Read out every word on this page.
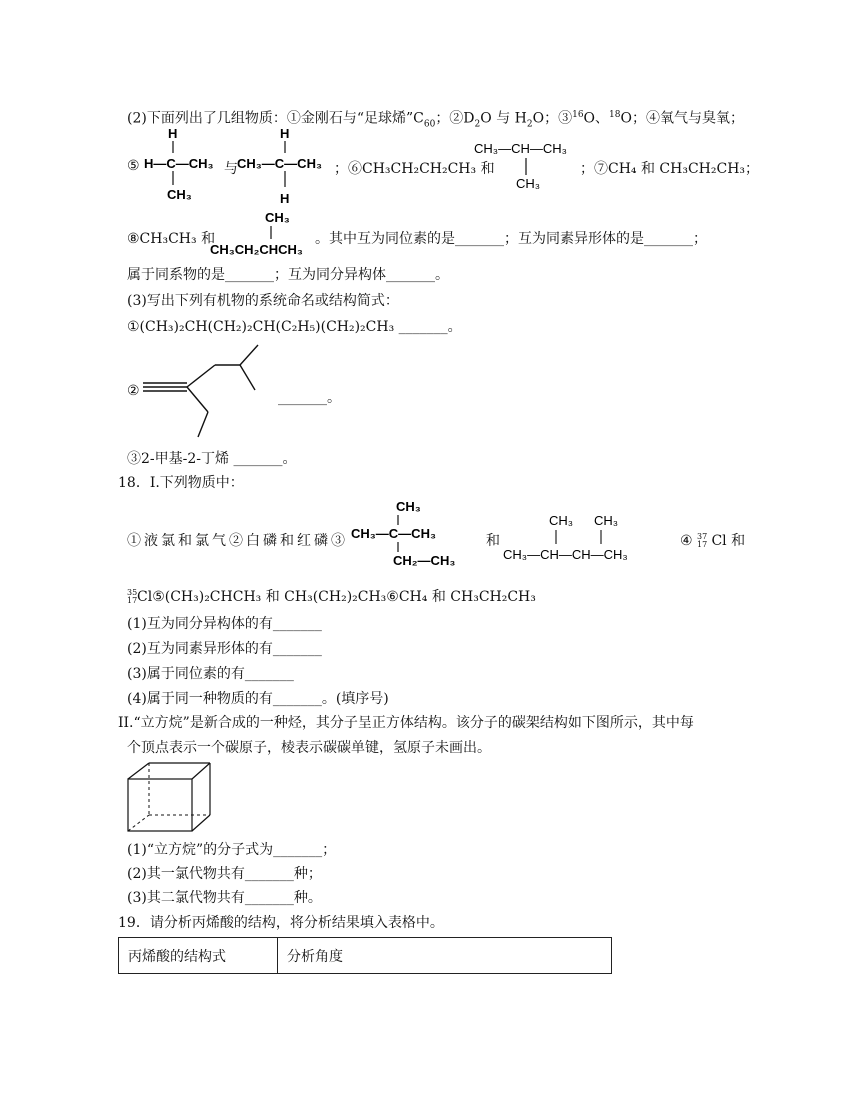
(2)下面列出了几组物质：①金刚石与“足球烯$”C_{60}$；$②D_2O$ 与 $H_2O$；③$^{16}$O、$^{18}$O；④氧气与臭氧；
⑤
H
H—C—CH₃
CH₃
H
CH₃—C—CH₃
H
与	；⑥CH₃CH₂CH₂CH₃ 和
CH₃—CH—CH₃
CH₃
；⑦CH₄ 和 CH₃CH₂CH₃；
⑧CH₃CH₃ 和
CH₃
CH₃CH₂CHCH₃
。其中互为同位素的是_______；互为同素异形体的是_______；
属于同系物的是_______；互为同分异构体_______。
(3)写出下列有机物的系统命名或结构简式：
①(CH₃)₂CH(CH₂)₂CH(C₂H₅)(CH₂)₂CH₃ _______。
②	_______。
③2-甲基-2-丁烯 _______。
18．I.下列物质中：
①液氯和氯气②白磷和红磷③
CH₃
CH₃—C—CH₃
CH₂—CH₃
和
CH₃ CH₃
CH₃—CH—CH—CH₃
④ 37
17 Cl 和
35
17Cl⑤(CH₃)₂CHCH₃ 和 CH₃(CH₂)₂CH₃⑥CH₄ 和 CH₃CH₂CH₃
(1)互为同分异构体的有_______
(2)互为同素异形体的有_______
(3)属于同位素的有_______
(4)属于同一种物质的有_______。(填序号)
II.“立方烷”是新合成的一种烃，其分子呈正方体结构。该分子的碳架结构如下图所示，其中每
个顶点表示一个碳原子，棱表示碳碳单键，氢原子未画出。
(1)“立方烷”的分子式为_______；
(2)其一氯代物共有_______种；
(3)其二氯代物共有_______种。
19．请分析丙烯酸的结构，将分析结果填入表格中。
丙烯酸的结构式	分析角度
